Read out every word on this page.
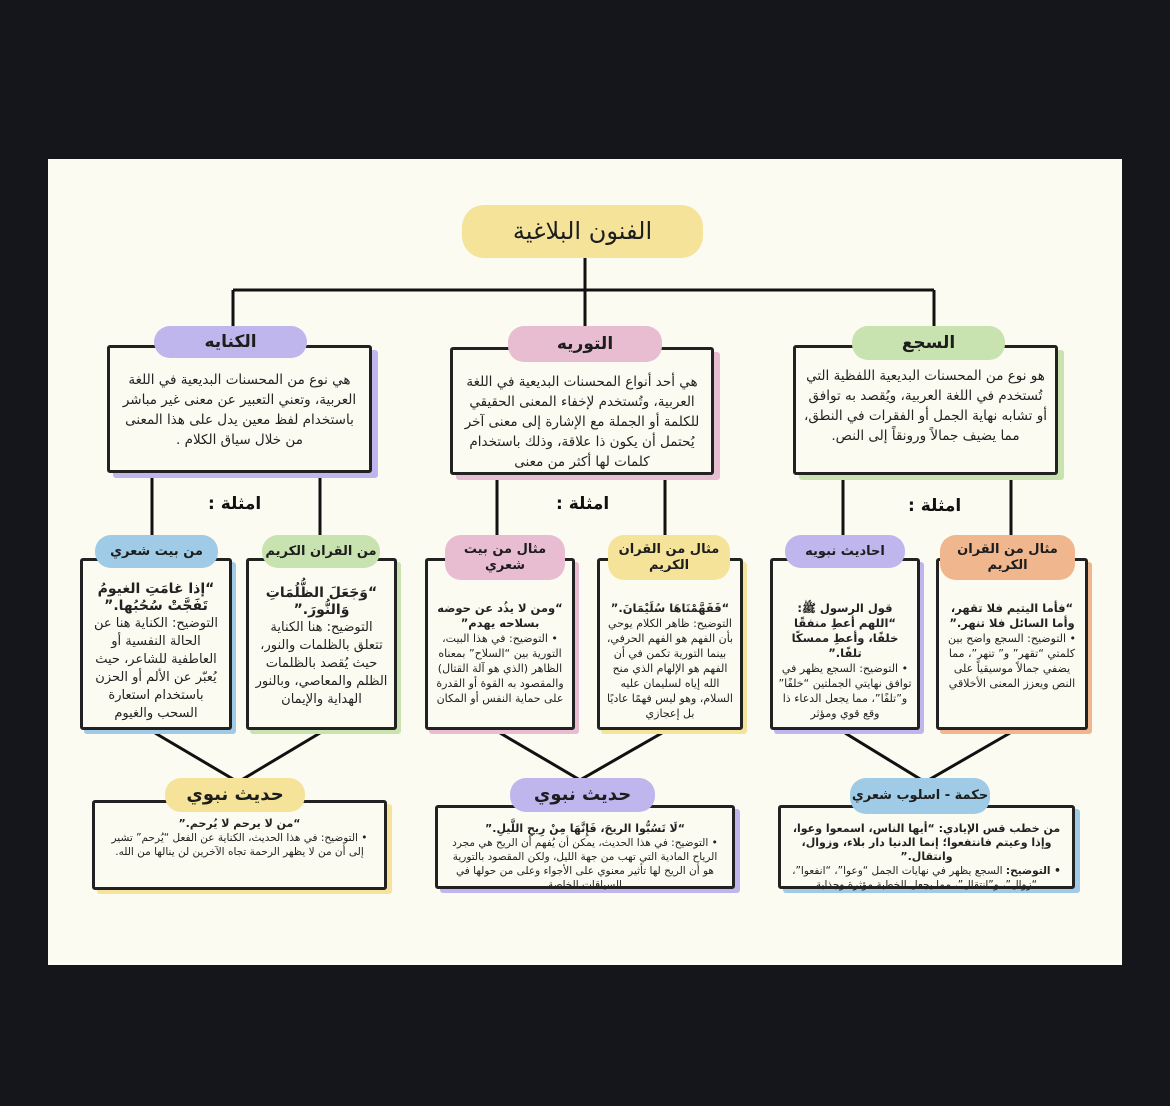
الفنون البلاغية
هو نوع من المحسنات البديعية اللفظية التي تُستخدم في اللغة العربية، ويُقصد به توافق أو تشابه نهاية الجمل أو الفقرات في النطق، مما يضيف جمالاً ورونقاً إلى النص.
السجع
امثلة :
“فأما اليتيم فلا تقهر، وأما السائل فلا تنهر.”
• التوضيح: السجع واضح بين كلمتي “تقهر” و” تنهر”، مما يضفي جمالاً موسيقياً على النص ويعزز المعنى الأخلاقي
مثال من القران الكريم
قول الرسول ﷺ: “اللهم أعطِ منفقًا خلفًا، وأعطِ ممسكًا تلفًا.”
• التوضيح: السجع يظهر في توافق نهايتي الجملتين “خلفًا” و”تلفًا”، مما يجعل الدعاء ذا وقع قوي ومؤثر
احاديث نبويه
من خطب قس الإيادي: “أيها الناس، اسمعوا وعوا، وإذا وعيتم فانتفعوا؛ إنما الدنيا دار بلاء، وزوال، وانتقال.”
• التوضيح: السجع يظهر في نهايات الجمل “وعوا”، “انفعوا”، “زوال”، و”انتقال”، مما يجعل الخطبة مؤثرة وجذابة
حكمة - اسلوب شعري
هي أحد أنواع المحسنات البديعية في اللغة العربية، وتُستخدم لإخفاء المعنى الحقيقي للكلمة أو الجملة مع الإشارة إلى معنى آخر يُحتمل أن يكون ذا علاقة، وذلك باستخدام كلمات لها أكثر من معنى
التوريه
امثلة :
“فَفَهَّمْنَاهَا سُلَيْمَانَ.”
التوضيح: ظاهر الكلام يوحي بأن الفهم هو الفهم الحرفي، بينما التورية تكمن في أن الفهم هو الإلهام الذي منح الله إياه لسليمان عليه السلام، وهو ليس فهمًا عاديًا بل إعجازي
مثال من القران الكريم
“ومن لا يذُد عن حوضه بسلاحه يهدم”
• التوضيح: في هذا البيت، التورية بين “السلاح” بمعناه الظاهر (الذي هو آلة القتال) والمقصود به القوة أو القدرة على حماية النفس أو المكان
مثال من بيت شعري
“لَا تَسُبُّوا الريحَ، فَإِنَّهَا مِنْ رِيحِ اللَّيلِ.”
• التوضيح: في هذا الحديث، يمكن أن يُفهم أن الريح هي مجرد الرياح المادية التي تهب من جهة الليل، ولكن المقصود بالتورية هو أن الريح لها تأثير معنوي على الأجواء وعلى من حولها في السياقات الخاصة
حديث نبوي
هي نوع من المحسنات البديعية في اللغة العربية، وتعني التعبير عن معنى غير مباشر باستخدام لفظ معين يدل على هذا المعنى من خلال سياق الكلام .
الكنايه
امثلة :
“وَجَعَلَ الظُّلُمَاتِ وَالنُّورَ.”
التوضيح: هنا الكناية تتعلق بالظلمات والنور، حيث يُقصد بالظلمات الظلم والمعاصي، وبالنور الهداية والإيمان
من القران الكريم
“إذا غامَتِ الغيومُ تَفَجَّتْ سُحُبُها.”
التوضيح: الكناية هنا عن الحالة النفسية أو العاطفية للشاعر، حيث يُعبّر عن الألم أو الحزن باستخدام استعارة السحب والغيوم
من بيت شعري
“من لا يرحم لا يُرحم.”
• التوضيح: في هذا الحديث، الكناية عن الفعل “يُرحم” تشير إلى أن من لا يظهر الرحمة تجاه الآخرين لن ينالها من الله.
حديث نبوي
